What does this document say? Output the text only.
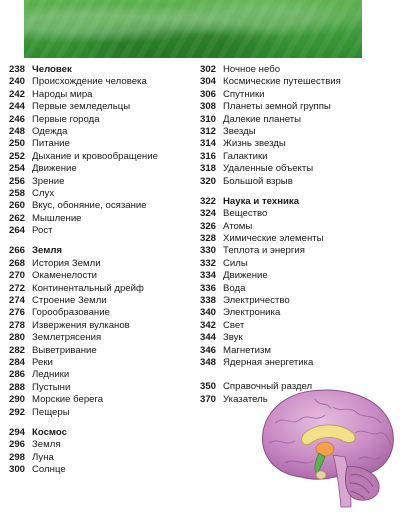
238 Человек
240 Происхождение человека
242 Народы мира
244 Первые земледельцы
246 Первые города
248 Одежда
250 Питание
252 Дыхание и кровообращение
254 Движение
256 Зрение
258 Слух
260 Вкус, обоняние, осязание
262 Мышление
264 Рост
266 Земля
268 История Земли
270 Окаменелости
272 Континентальный дрейф
274 Строение Земли
276 Горообразование
278 Извержения вулканов
280 Землетрясения
282 Выветривание
284 Реки
286 Ледники
288 Пустыни
290 Морские берега
292 Пещеры
294 Космос
296 Земля
298 Луна
300 Солнце
302 Ночное небо
304 Космические путешествия
306 Спутники
308 Планеты земной группы
310 Далекие планеты
312 Звезды
314 Жизнь звезды
316 Галактики
318 Удаленные объекты
320 Большой взрыв
322 Наука и техника
324 Вещество
326 Атомы
328 Химические элементы
330 Теплота и энергия
332 Силы
334 Движение
336 Вода
338 Электричество
340 Электроника
342 Свет
344 Звук
346 Магнетизм
348 Ядерная энергетика
350 Справочный раздел
370 Указатель
